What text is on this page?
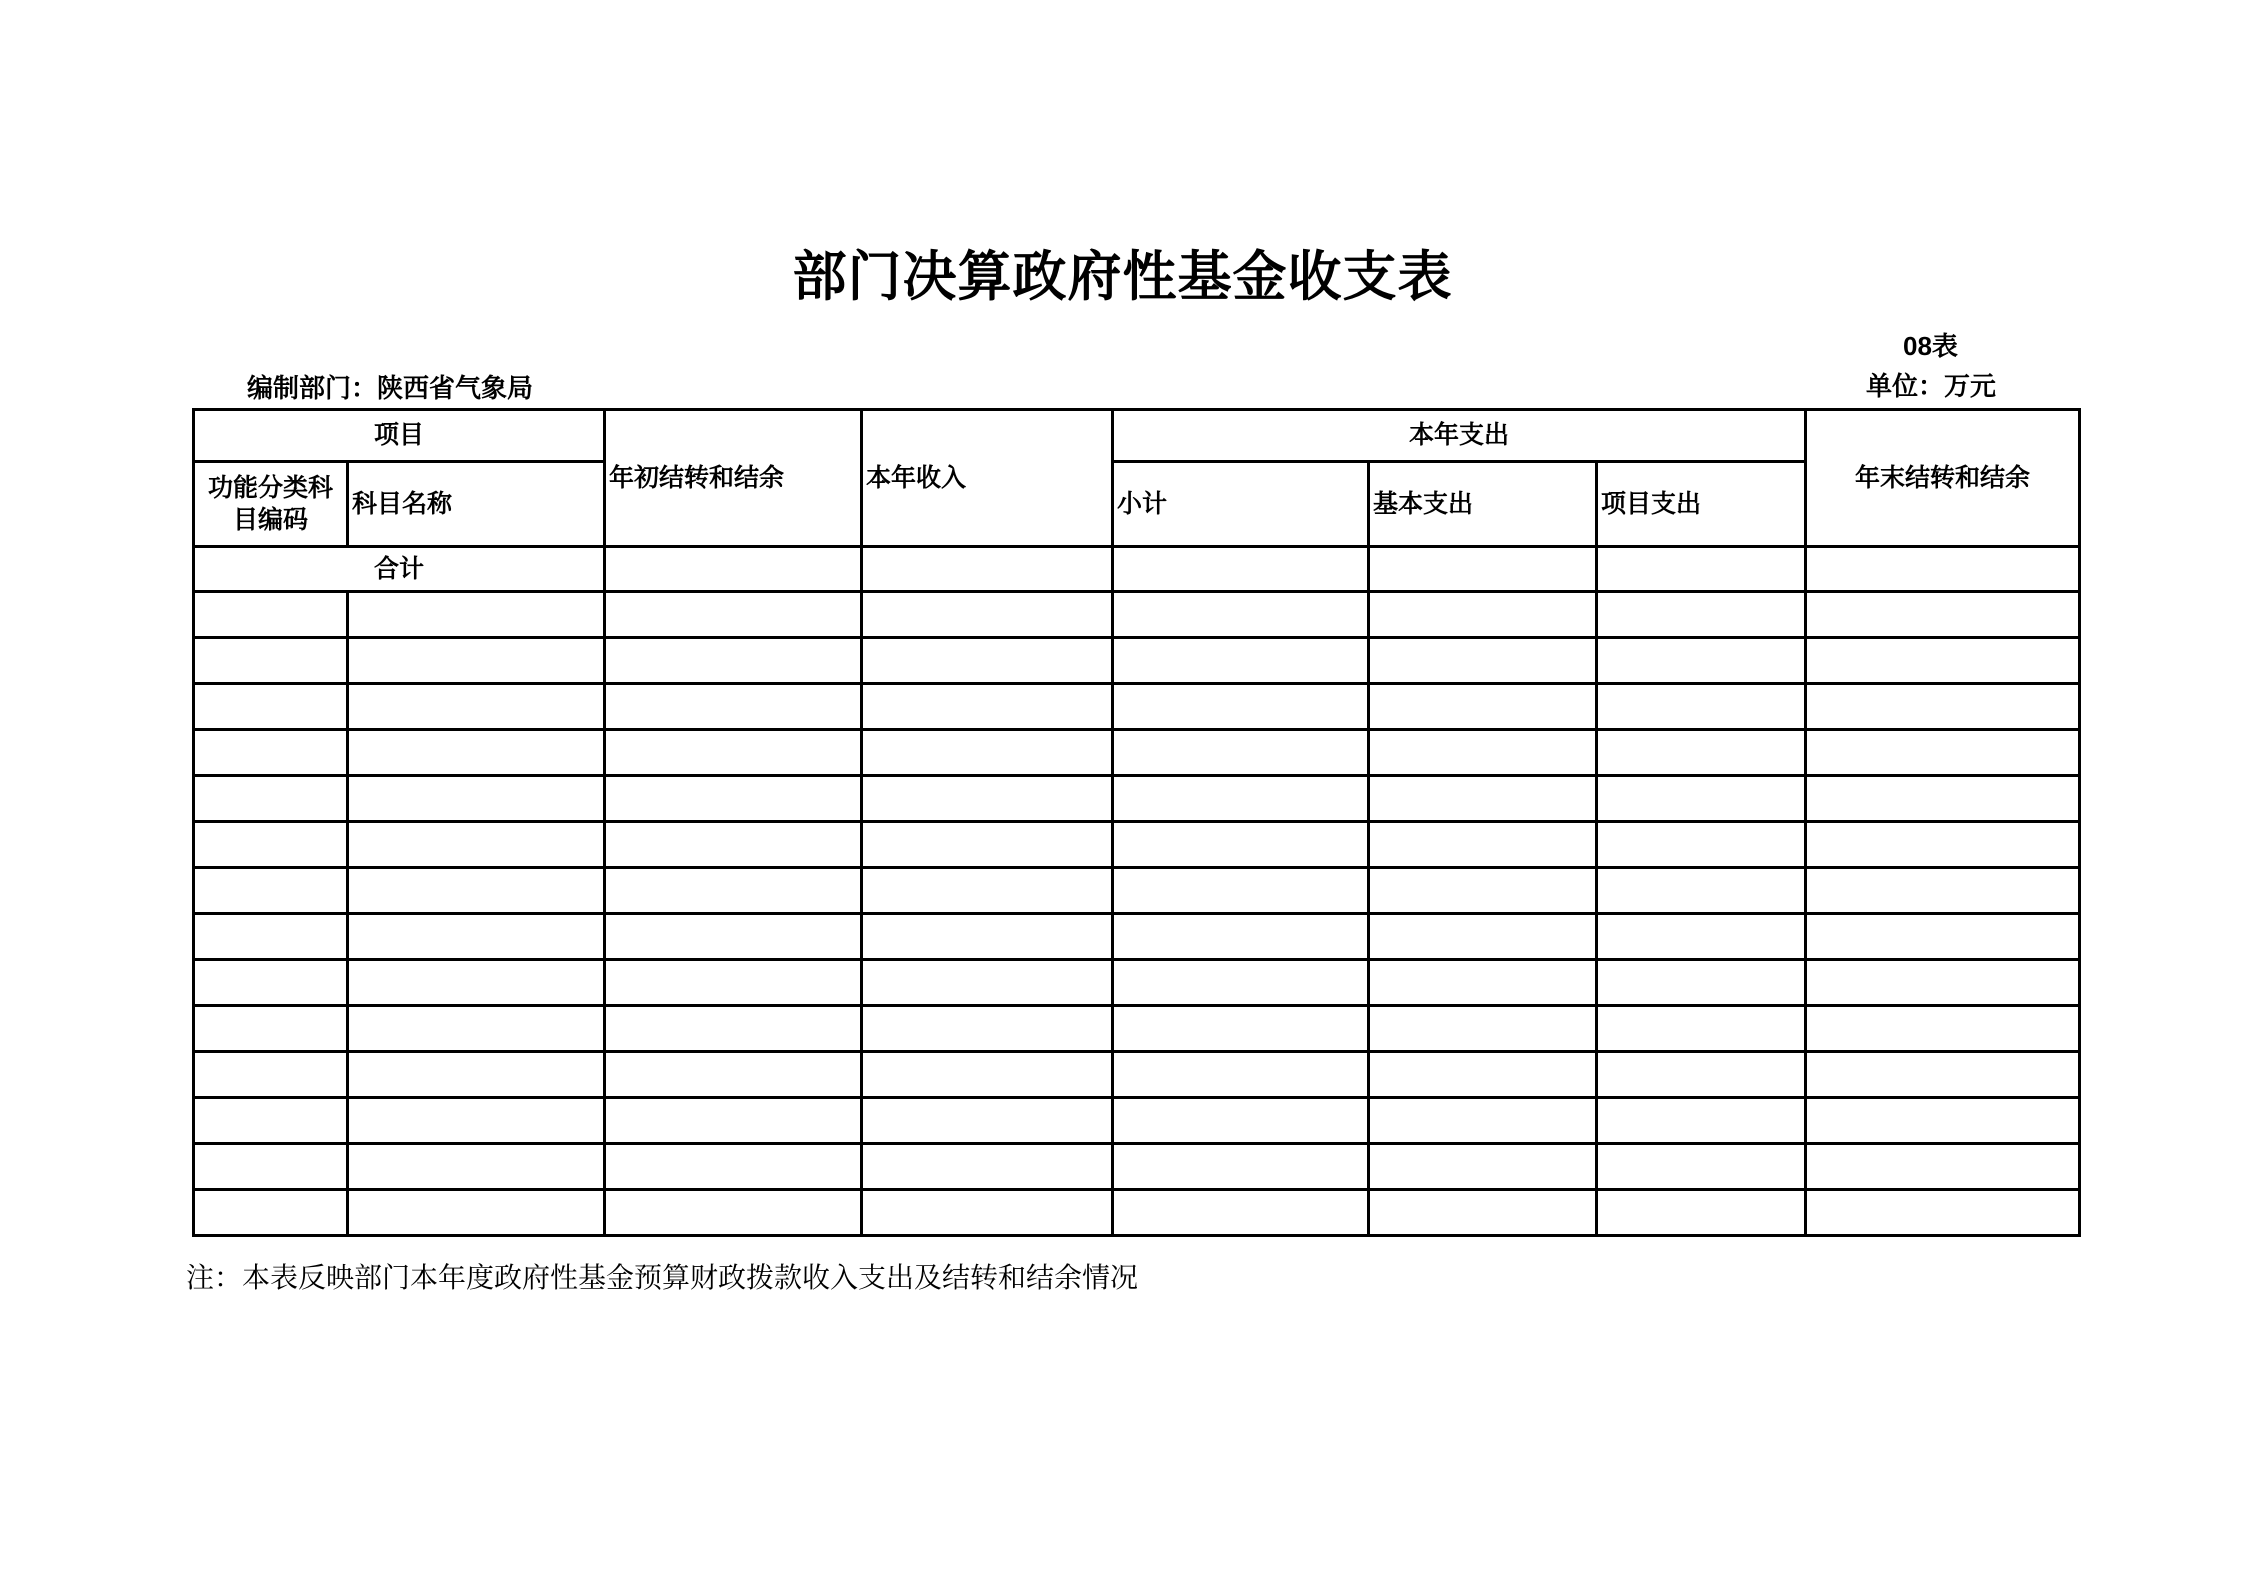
部门决算政府性基金收支表
08表
编制部门：陕西省气象局	单位：万元
项目		年初结转和结余	本年收入	本年支出			年末结转和结余
功能分类科目编码	科目名称			小计	基本支出	项目支出	
合计							

注：本表反映部门本年度政府性基金预算财政拨款收入支出及结转和结余情况
